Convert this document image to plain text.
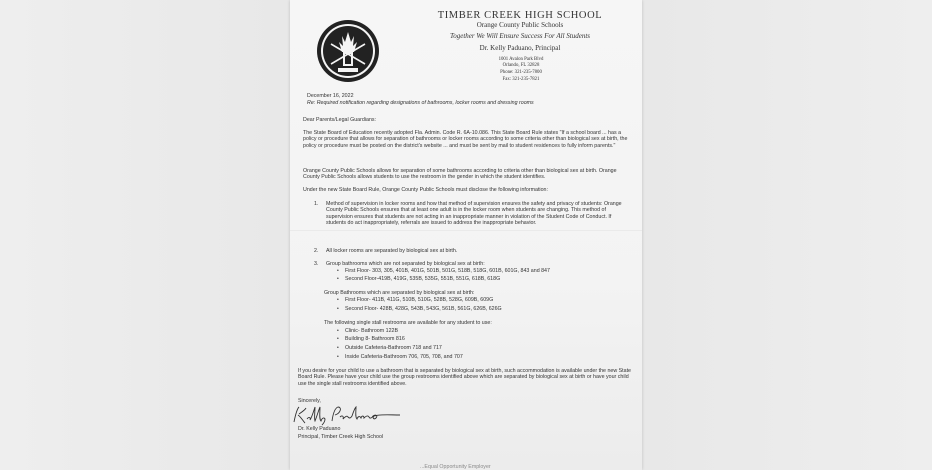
TIMBER CREEK HIGH SCHOOL
Orange County Public Schools
Together We Will Ensure Success For All Students
Dr. Kelly Paduano, Principal
1001 Avalon Park Blvd
Orlando, FL 32828
Phone: 321-235-7800
Fax: 321-235-7821
December 16, 2022
Re: Required notification regarding designations of bathrooms, locker rooms and dressing rooms
Dear Parents/Legal Guardians:
The State Board of Education recently adopted Fla. Admin. Code R. 6A-10.086. This State Board Rule states "If a school board ... has a policy or procedure that allows for separation of bathrooms or locker rooms according to some criteria other than biological sex at birth, the policy or procedure must be posted on the district's website ... and must be sent by mail to student residences to fully inform parents."
Orange County Public Schools allows for separation of some bathrooms according to criteria other than biological sex at birth. Orange County Public Schools allows students to use the restroom in the gender in which the student identifies.
Under the new State Board Rule, Orange County Public Schools must disclose the following information:
1. Method of supervision in locker rooms and how that method of supervision ensures the safety and privacy of students: Orange County Public Schools ensures that at least one adult is in the locker room when students are changing. This method of supervision ensures that students are not acting in an inappropriate manner in violation of the Student Code of Conduct. If students do act inappropriately, referrals are issued to address the inappropriate behavior.
2. All locker rooms are separated by biological sex at birth.
3. Group bathrooms which are not separated by biological sex at birth:
• First Floor- 303, 305, 401B, 401G, 501B, 501G, 518B, 518G, 601B, 601G, 843 and 847
• Second Floor-419B, 419G, 535B, 535G, 551B, 551G, 618B, 618G
Group Bathrooms which are separated by biological sex at birth:
• First Floor- 411B, 411G, 510B, 510G, 528B, 528G, 609B, 609G
• Second Floor- 428B, 428G, 543B, 543G, 561B, 561G, 626B, 626G
The following single stall restrooms are available for any student to use:
• Clinic- Bathroom 122B
• Building 8- Bathroom 816
• Outside Cafeteria-Bathroom 718 and 717
• Inside Cafeteria-Bathroom 706, 705, 708, and 707
If you desire for your child to use a bathroom that is separated by biological sex at birth, such accommodation is available under the new State Board Rule. Please have your child use the group restrooms identified above which are separated by biological sex at birth or have your child use the single stall restrooms identified above.
Sincerely,
Dr. Kelly Paduano
Principal, Timber Creek High School
...Equal Opportunity Employer
